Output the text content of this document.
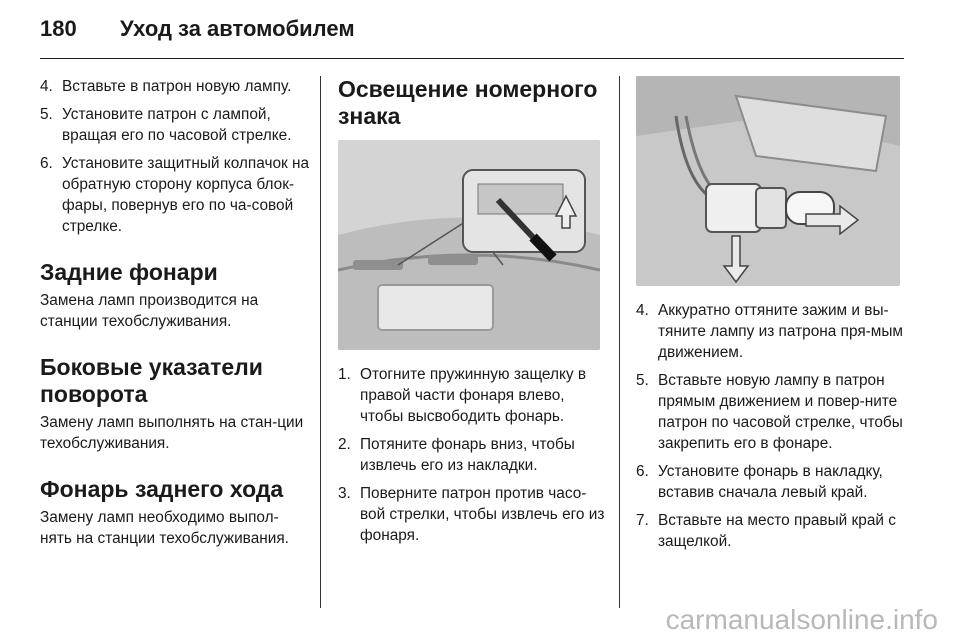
180 Уход за автомобилем
4. Вставьте в патрон новую лампу.
5. Установите патрон с лампой, вращая его по часовой стрелке.
6. Установите защитный колпачок на обратную сторону корпуса блок-фары, повернув его по ча-совой стрелке.
Задние фонари

Замена ламп производится на станции техобслуживания.

Боковые указатели поворота

Замену ламп выполнять на стан-ции техобслуживания.

Фонарь заднего хода

Замену ламп необходимо выпол-нять на станции техобслуживания.

Освещение номерного знака
1. Отогните пружинную защелку в правой части фонаря влево, чтобы высвободить фонарь.
2. Потяните фонарь вниз, чтобы извлечь его из накладки.
3. Поверните патрон против часо-вой стрелки, чтобы извлечь его из фонаря.
4. Аккуратно оттяните зажим и вы-тяните лампу из патрона пря-мым движением.
5. Вставьте новую лампу в патрон прямым движением и повер-ните патрон по часовой стрелке, чтобы закрепить его в фонаре.
6. Установите фонарь в накладку, вставив сначала левый край.
7. Вставьте на место правый край с защелкой.
carmanualsonline.info
